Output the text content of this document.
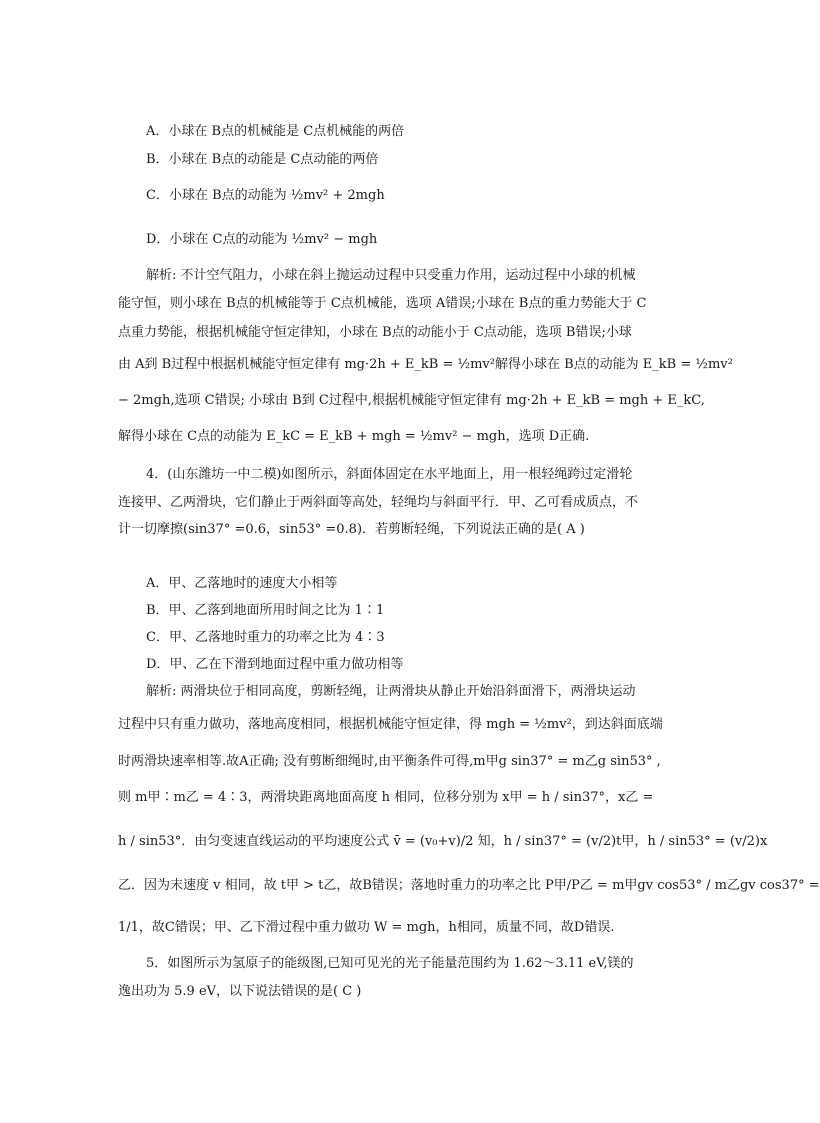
A．小球在 B点的机械能是 C点机械能的两倍
B．小球在 B点的动能是 C点动能的两倍
C．小球在 B点的动能为 ½mv² + 2mgh
D．小球在 C点的动能为 ½mv² − mgh
解析: 不计空气阻力，小球在斜上抛运动过程中只受重力作用，运动过程中小球的机械
能守恒，则小球在 B点的机械能等于 C点机械能，选项 A错误;小球在 B点的重力势能大于 C
点重力势能，根据机械能守恒定律知，小球在 B点的动能小于 C点动能，选项 B错误;小球
由 A到 B过程中根据机械能守恒定律有 mg·2h + E_kB = ½mv²解得小球在 B点的动能为 E_kB = ½mv²
− 2mgh,选项 C错误; 小球由 B到 C过程中,根据机械能守恒定律有 mg·2h + E_kB = mgh + E_kC,
解得小球在 C点的动能为 E_kC = E_kB + mgh = ½mv² − mgh，选项 D正确.
4．(山东潍坊一中二模)如图所示，斜面体固定在水平地面上，用一根轻绳跨过定滑轮
连接甲、乙两滑块，它们静止于两斜面等高处，轻绳均与斜面平行．甲、乙可看成质点，不
计一切摩擦(sin37° =0.6，sin53° =0.8)．若剪断轻绳，下列说法正确的是( A )
A．甲、乙落地时的速度大小相等
B．甲、乙落到地面所用时间之比为 1∶1
C．甲、乙落地时重力的功率之比为 4∶3
D．甲、乙在下滑到地面过程中重力做功相等
解析: 两滑块位于相同高度，剪断轻绳，让两滑块从静止开始沿斜面滑下，两滑块运动
过程中只有重力做功，落地高度相同，根据机械能守恒定律，得 mgh = ½mv²，到达斜面底端
时两滑块速率相等.故A正确; 没有剪断细绳时,由平衡条件可得,m甲g sin37° = m乙g sin53° ,
则 m甲∶m乙 = 4∶3，两滑块距离地面高度 h 相同，位移分别为 x甲 = h / sin37°，x乙 =
h / sin53°．由匀变速直线运动的平均速度公式 v̄ = (v₀+v)/2 知，h / sin37° = (v/2)t甲，h / sin53° = (v/2)x
乙．因为末速度 v 相同，故 t甲 > t乙，故B错误；落地时重力的功率之比 P甲/P乙 = m甲gv cos53° / m乙gv cos37° =
1/1，故C错误；甲、乙下滑过程中重力做功 W = mgh，h相同，质量不同，故D错误.
5．如图所示为氢原子的能级图,已知可见光的光子能量范围约为 1.62～3.11 eV,镁的
逸出功为 5.9 eV，以下说法错误的是( C )
